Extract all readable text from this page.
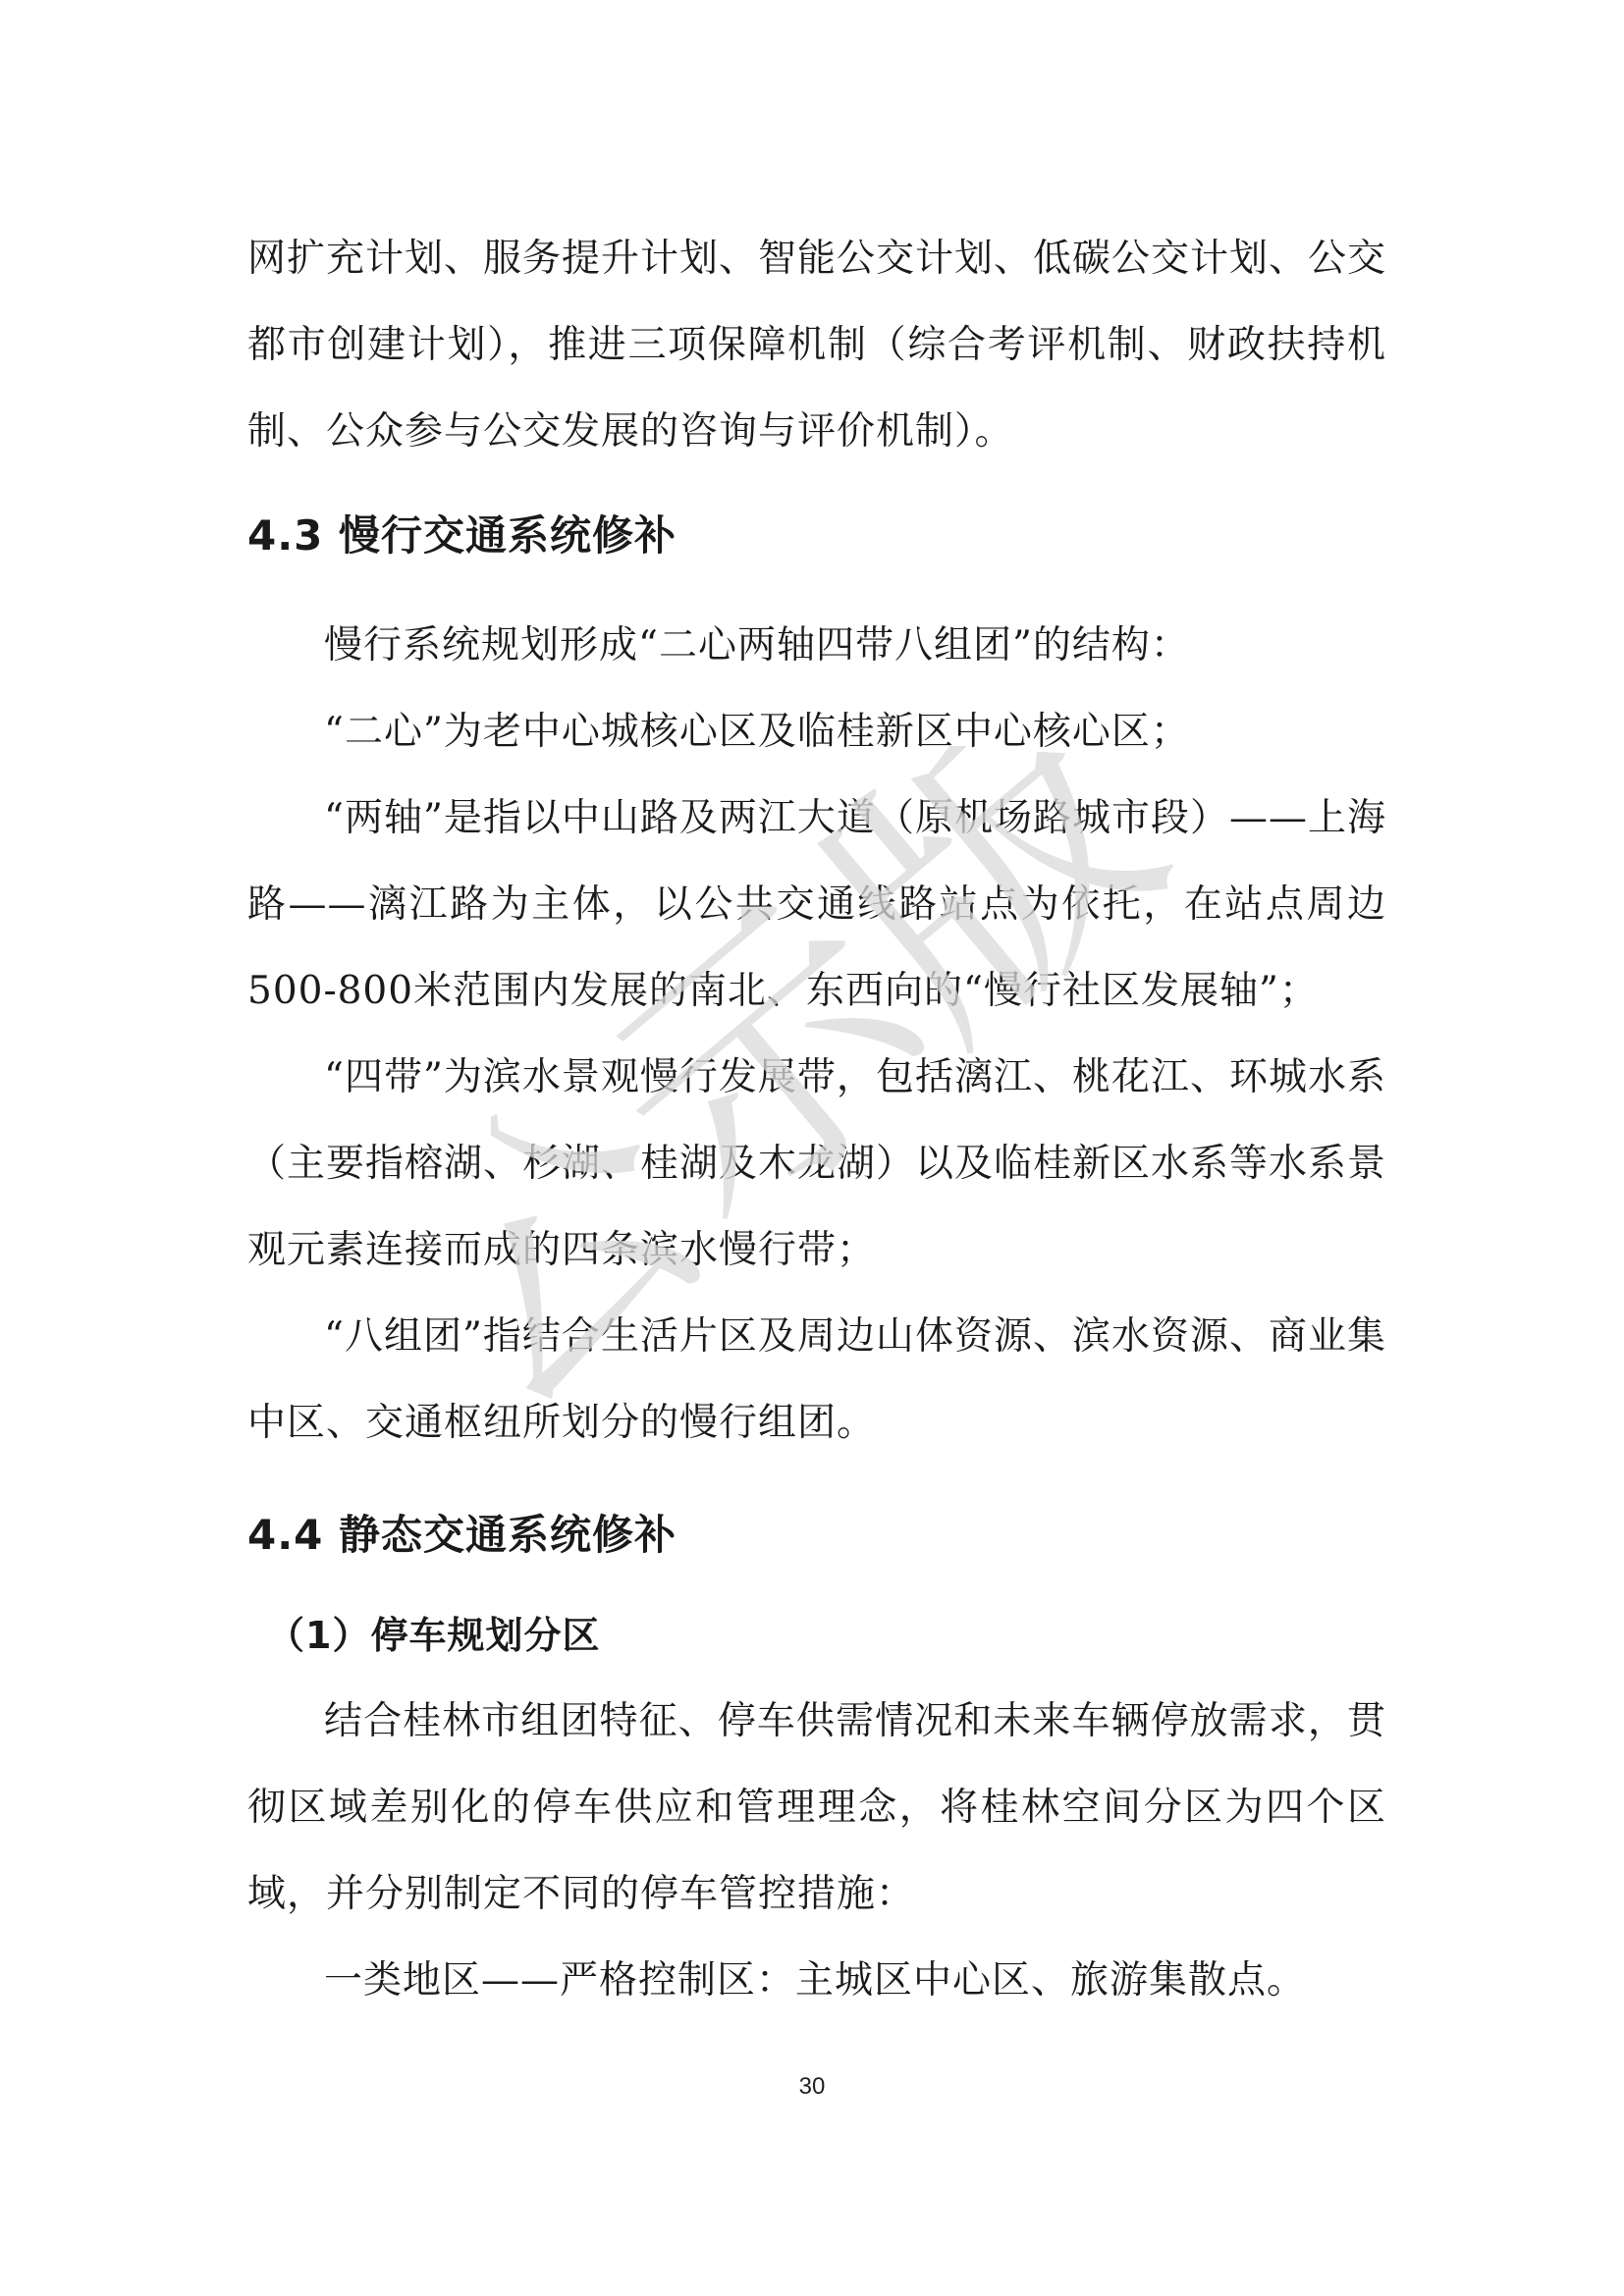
网扩充计划、服务提升计划、智能公交计划、低碳公交计划、公交都市创建计划），推进三项保障机制（综合考评机制、财政扶持机制、公众参与公交发展的咨询与评价机制）。

4.3 慢行交通系统修补

慢行系统规划形成“二心两轴四带八组团”的结构：

“二心”为老中心城核心区及临桂新区中心核心区；

“两轴”是指以中山路及两江大道（原机场路城市段）——上海路——漓江路为主体，以公共交通线路站点为依托，在站点周边500-800米范围内发展的南北、东西向的“慢行社区发展轴”；

“四带”为滨水景观慢行发展带，包括漓江、桃花江、环城水系（主要指榕湖、杉湖、桂湖及木龙湖）以及临桂新区水系等水系景观元素连接而成的四条滨水慢行带；

“八组团”指结合生活片区及周边山体资源、滨水资源、商业集中区、交通枢纽所划分的慢行组团。

4.4 静态交通系统修补
（1）停车规划分区

结合桂林市组团特征、停车供需情况和未来车辆停放需求，贯彻区域差别化的停车供应和管理理念，将桂林空间分区为四个区域，并分别制定不同的停车管控措施：

一类地区——严格控制区：主城区中心区、旅游集散点。

公示版
30
